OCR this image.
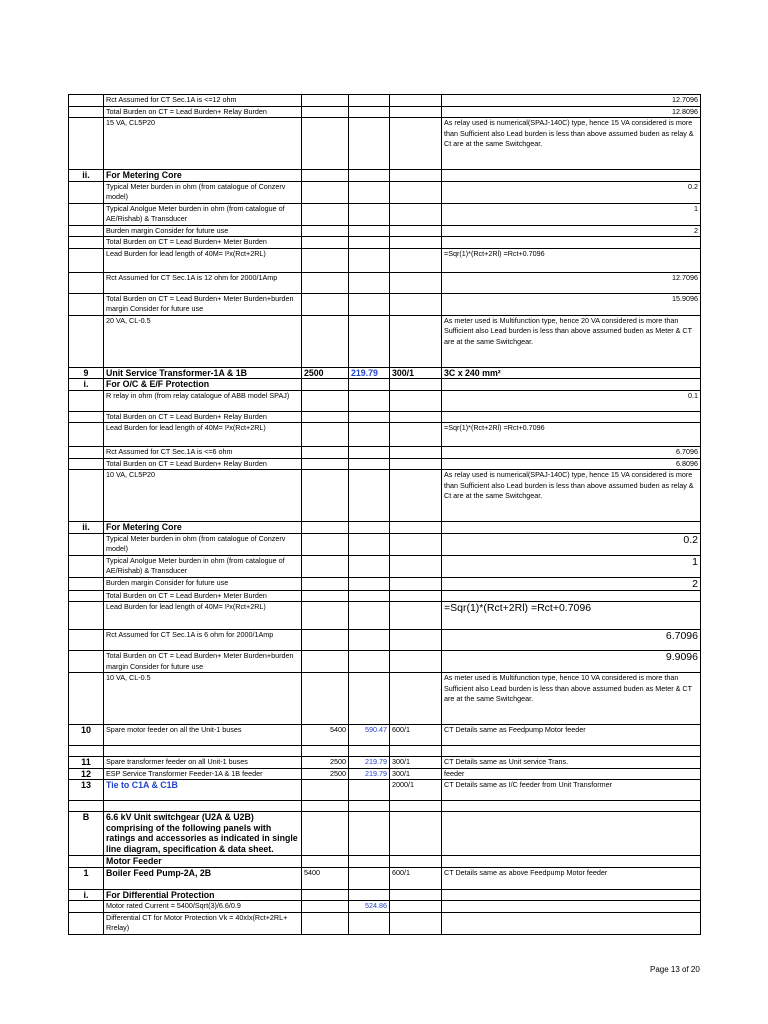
	Rct Assumed for CT Sec.1A is <=12 ohm				12.7096
	Total Burden on CT = Lead Burden+ Relay Burden				12.8096
	15 VA, CL5P20				As relay used is numerical(SPAJ-140C) type, hence 15 VA considered is more than Sufficient also Lead burden is less than above assumed buden as relay & Ct are at the same Switchgear.
ii.	For Metering Core				
	Typical Meter burden in ohm (from catalogue of Conzerv model)				0.2
	Typical Anolgue Meter burden in ohm (from catalogue of AE/Rishab) & Transducer				1
	Burden margin Consider for future use				2
	Total Burden on CT = Lead Burden+ Meter Burden				
	Lead Burden for lead length of 40M= I²x(Rct+2RL)				=Sqr(1)*(Rct+2Rl) =Rct+0.7096
	Rct Assumed for CT Sec.1A is 12 ohm for 2000/1Amp				12.7096
	Total Burden on CT = Lead Burden+ Meter Burden+burden margin Consider for future use				15.9096
	20 VA, CL-0.5				As meter used is Multifunction type, hence 20 VA considered is more than Sufficient also Lead burden is less than above assumed buden as Meter & CT are at the same Switchgear.
9	Unit Service Transformer-1A & 1B	2500	219.79	300/1	3C x 240 mm²
i.	For O/C & E/F Protection				
	R relay in ohm (from relay catalogue of ABB model SPAJ)				0.1
	Total Burden on CT = Lead Burden+ Relay Burden				
	Lead Burden for lead length of 40M= I²x(Rct+2RL)				=Sqr(1)*(Rct+2Rl) =Rct+0.7096
	Rct Assumed for CT Sec.1A is <=6 ohm				6.7096
	Total Burden on CT = Lead Burden+ Relay Burden				6.8096
	10 VA, CL5P20				As relay used is numerical(SPAJ-140C) type, hence 15 VA considered is more than Sufficient also Lead burden is less than above assumed buden as relay & Ct are at the same Switchgear.
ii.	For Metering Core				
	Typical Meter burden in ohm (from catalogue of Conzerv model)				0.2
	Typical Anolgue Meter burden in ohm (from catalogue of AE/Rishab) & Transducer				1
	Burden margin Consider for future use				2
	Total Burden on CT = Lead Burden+ Meter Burden				
	Lead Burden for lead length of 40M= I²x(Rct+2RL)				=Sqr(1)*(Rct+2Rl) =Rct+0.7096
	Rct Assumed for CT Sec.1A is 6 ohm for 2000/1Amp				6.7096
	Total Burden on CT = Lead Burden+ Meter Burden+burden margin Consider for future use				9.9096
	10 VA, CL-0.5				As meter used is Multifunction type, hence 10 VA considered is more than Sufficient also Lead burden is less than above assumed buden as Meter & CT are at the same Switchgear.
10	Spare motor feeder on all the Unit-1 buses	5400	590.47	600/1	CT Details same as Feedpump Motor feeder

11	Spare transformer feeder on all Unit-1 buses	2500	219.79	300/1	CT Details same as Unit service Trans.
12	ESP Service Transformer Feeder-1A & 1B feeder	2500	219.79	300/1	feeder
13	Tie to C1A & C1B			2000/1	CT Details same as I/C feeder from Unit Transformer

B	6.6 kV Unit switchgear (U2A & U2B) comprising of the following panels with ratings and accessories as indicated in single line diagram, specification & data sheet.				
	Motor Feeder				
1	Boiler Feed Pump-2A, 2B	5400		600/1	CT Details same as above Feedpump Motor feeder
i.	For Differential Protection				
	Motor rated Current = 5400/Sqrt(3)/6.6/0.9		524.86		
	Differential CT for Motor Protection Vk = 40xIx(Rct+2RL+ Rrelay)				
Page 13 of 20
